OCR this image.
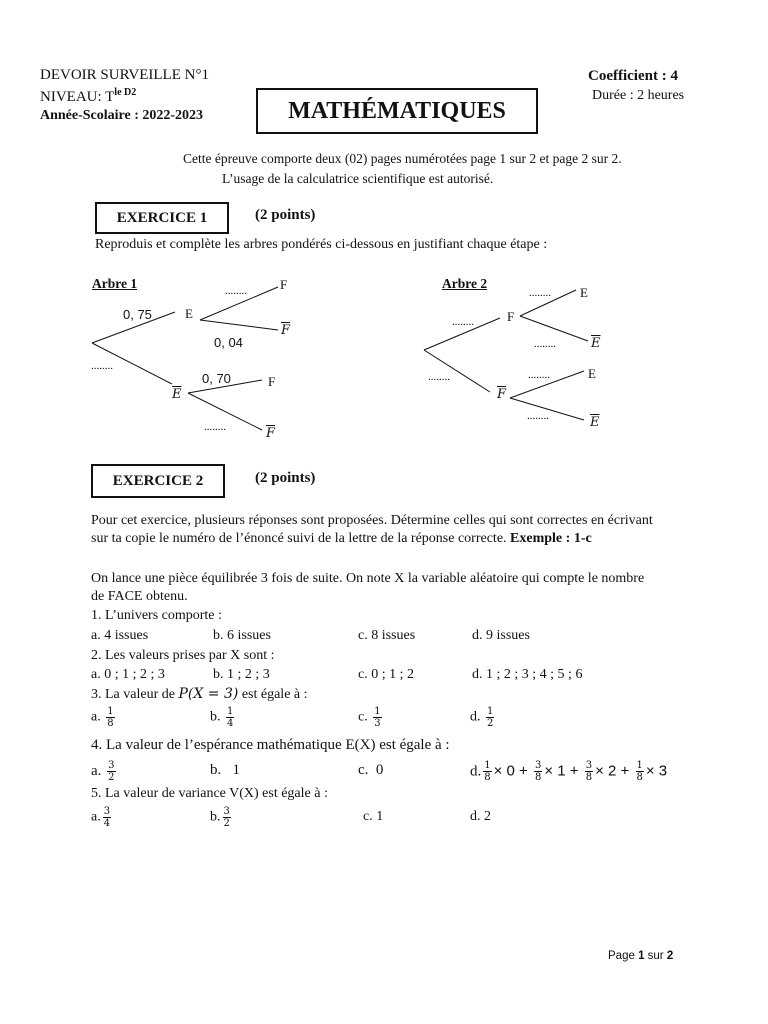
DEVOIR SURVEILLE N°1
NIVEAU: $T^{le D2}$
Année-Scolaire : 2022-2023	MATHÉMATIQUES
Coefficient : 4
Durée : 2 heures
Cette épreuve comporte deux (02) pages numérotées page 1 sur 2 et page 2 sur 2.
L’usage de la calculatrice scientifique est autorisé.
EXERCICE 1	(2 points)
Reproduis et complète les arbres pondérés ci-dessous en justifiant chaque étape :
Arbre 1
0, 75
........
E
$\overline{E}$
........
0, 04
0, 70
........
F
$\overline{F}$
F
$\overline{F}$
Arbre 2
........
........
F
$\overline{F}$
........
........
........
........
E
$\overline{E}$
E
$\overline{E}$
EXERCICE 2	(2 points)
Pour cet exercice, plusieurs réponses sont proposées. Détermine celles qui sont correctes en écrivant
sur ta copie le numéro de l’énoncé suivi de la lettre de la réponse correcte. Exemple : 1-c
On lance une pièce équilibrée 3 fois de suite. On note X la variable aléatoire qui compte le nombre
de FACE obtenu.
1. L’univers comporte :
a. 4 issues	b. 6 issues	c. 8 issues	d. 9 issues
2. Les valeurs prises par X sont :
a. 0 ; 1 ; 2 ; 3	b. 1 ; 2 ; 3	c. 0 ; 1 ; 2	d. 1 ; 2 ; 3 ; 4 ; 5 ; 6
3. La valeur de P(X = 3) est égale à :
a. $\frac{1}{8}$	b. $\frac{1}{4}$	c. $\frac{1}{3}$	d. $\frac{1}{2}$
4. La valeur de l’espérance mathématique E(X) est égale à :
a. $\frac{3}{2}$	b.   1	c.  0	d. $\frac{1}{8} \times 0 + \frac{3}{8} \times 1 + \frac{3}{8} \times 2 + \frac{1}{8} \times 3$
5. La valeur de variance V(X) est égale à :
a. $\frac{3}{4}$	b. $\frac{3}{2}$	c. 1	d. 2
Page 1 sur 2
